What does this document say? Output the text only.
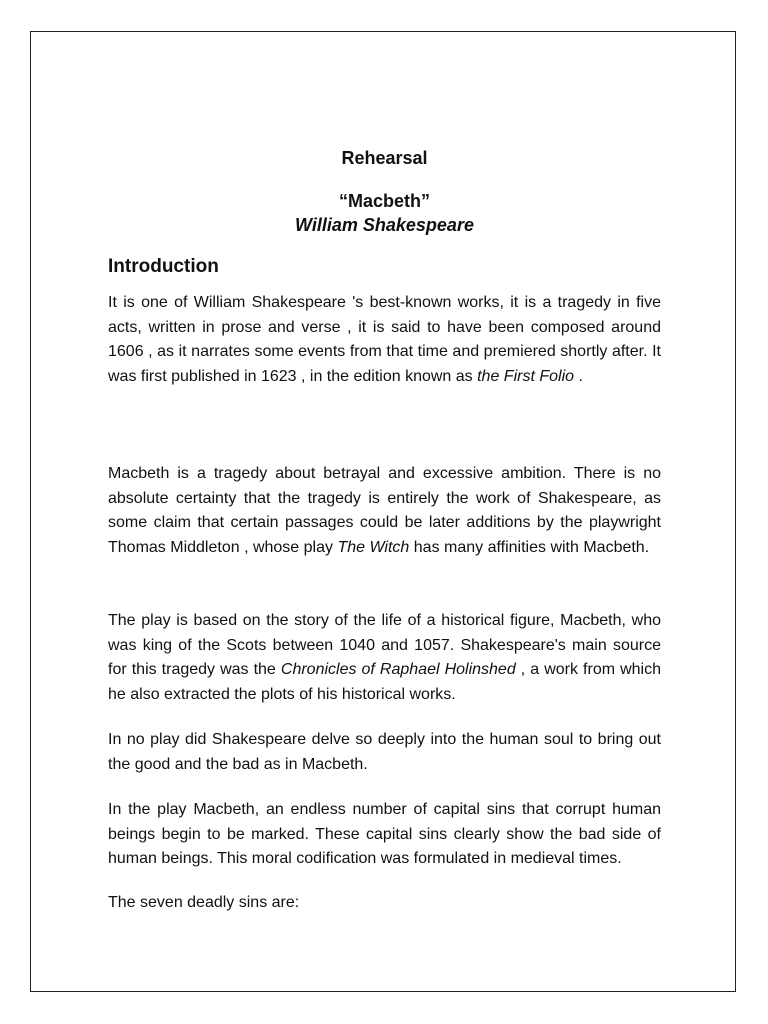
Rehearsal
“Macbeth”
William Shakespeare
Introduction

It is one of William Shakespeare 's best-known works, it is a tragedy in five acts, written in prose and verse , it is said to have been composed around 1606 , as it narrates some events from that time and premiered shortly after. It was first published in 1623 , in the edition known as the First Folio .

Macbeth is a tragedy about betrayal and excessive ambition. There is no absolute certainty that the tragedy is entirely the work of Shakespeare, as some claim that certain passages could be later additions by the playwright Thomas Middleton , whose play The Witch has many affinities with Macbeth.

The play is based on the story of the life of a historical figure, Macbeth, who was king of the Scots between 1040 and 1057. Shakespeare's main source for this tragedy was the Chronicles of Raphael Holinshed , a work from which he also extracted the plots of his historical works.

In no play did Shakespeare delve so deeply into the human soul to bring out the good and the bad as in Macbeth.

In the play Macbeth, an endless number of capital sins that corrupt human beings begin to be marked. These capital sins clearly show the bad side of human beings. This moral codification was formulated in medieval times.

The seven deadly sins are:
